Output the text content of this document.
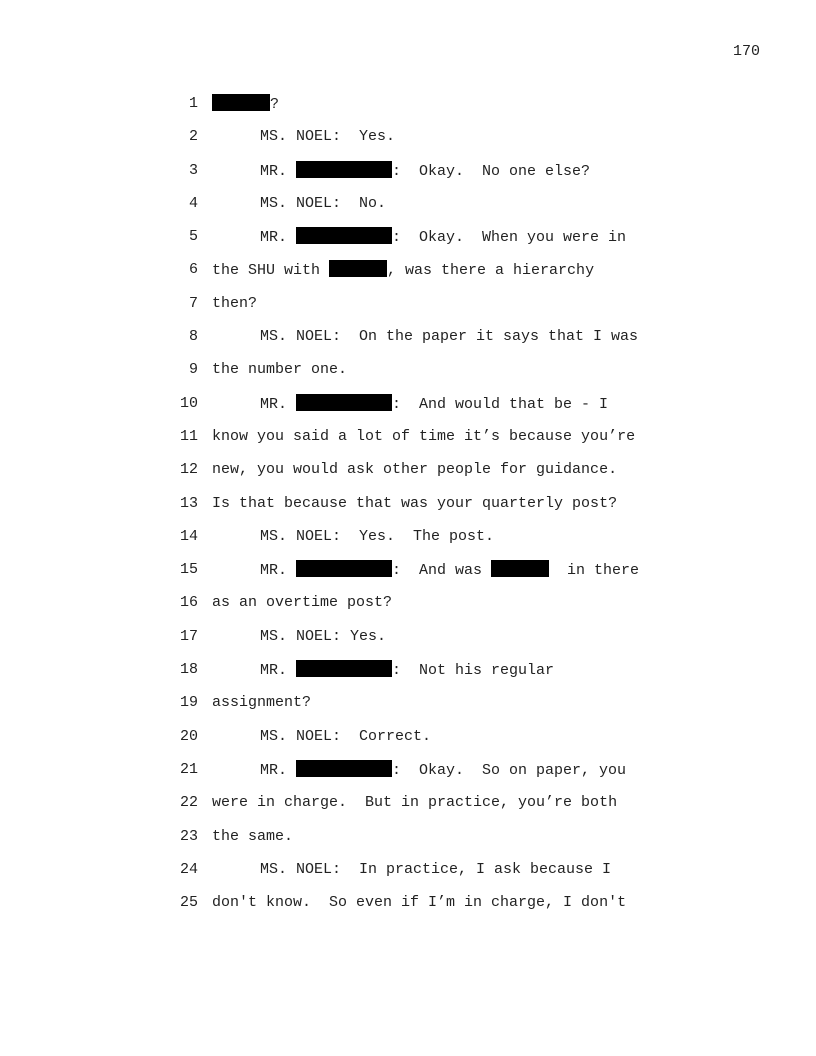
170
1	?
2	MS. NOEL:  Yes.
3	MR.	:  Okay.  No one else?
4	MS. NOEL:  No.
5	MR.	:  Okay.  When you were in
6 the SHU with	, was there a hierarchy
7 then?
8	MS. NOEL:  On the paper it says that I was
9 the number one.
10	MR.	:  And would that be - I
11 know you said a lot of time it’s because you’re
12 new, you would ask other people for guidance.
13 Is that because that was your quarterly post?
14	MS. NOEL:  Yes.  The post.
15	MR.	:  And was	in there
16 as an overtime post?
17	MS. NOEL: Yes.
18	MR.	:  Not his regular
19 assignment?
20	MS. NOEL:  Correct.
21	MR.	:  Okay.  So on paper, you
22 were in charge.  But in practice, you’re both
23 the same.
24	MS. NOEL:  In practice, I ask because I
25 don't know.  So even if I’m in charge, I don't
